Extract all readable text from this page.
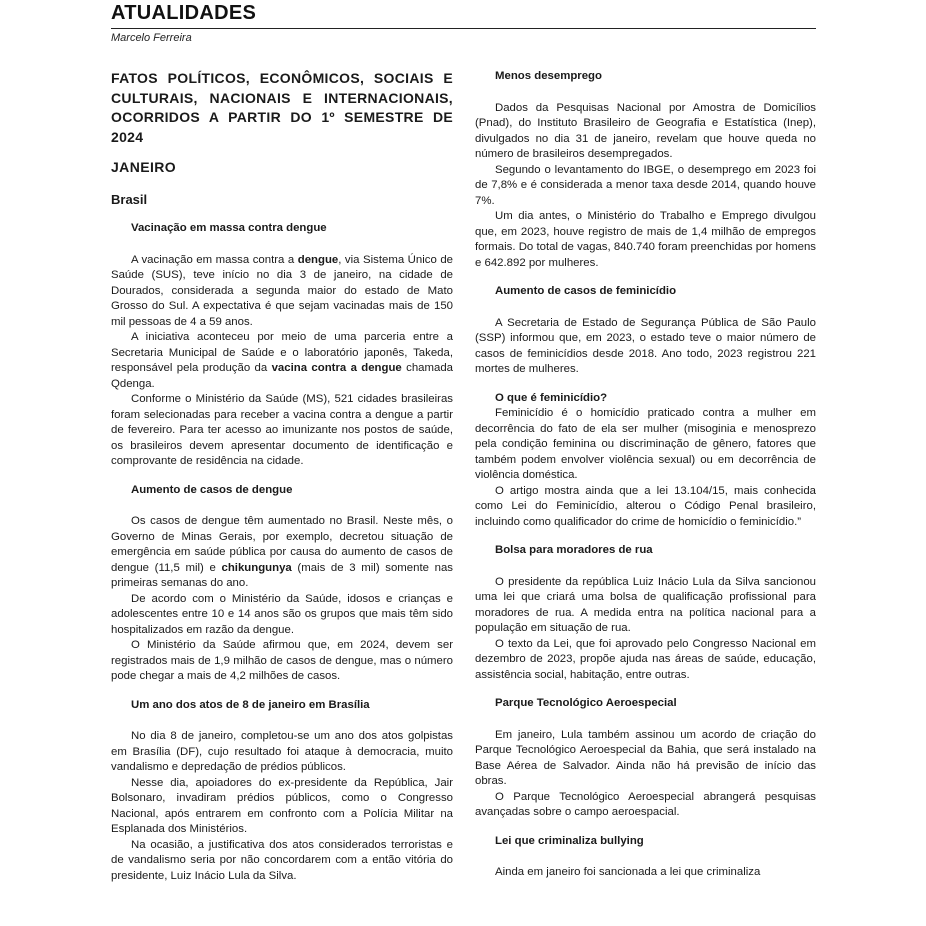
ATUALIDADES
Marcelo Ferreira
FATOS POLÍTICOS, ECONÔMICOS, SOCIAIS E CULTURAIS, NACIONAIS E INTERNACIONAIS, OCORRIDOS A PARTIR DO 1º SEMESTRE DE 2024
JANEIRO
Brasil
Vacinação em massa contra dengue

A vacinação em massa contra a dengue, via Sistema Único de Saúde (SUS), teve início no dia 3 de janeiro, na cidade de Dourados, considerada a segunda maior do estado de Mato Grosso do Sul. A expectativa é que sejam vacinadas mais de 150 mil pessoas de 4 a 59 anos.

A iniciativa aconteceu por meio de uma parceria entre a Secretaria Municipal de Saúde e o laboratório japonês, Takeda, responsável pela produção da vacina contra a dengue chamada Qdenga.

Conforme o Ministério da Saúde (MS), 521 cidades brasileiras foram selecionadas para receber a vacina contra a dengue a partir de fevereiro. Para ter acesso ao imunizante nos postos de saúde, os brasileiros devem apresentar documento de identificação e comprovante de residência na cidade.

Aumento de casos de dengue

Os casos de dengue têm aumentado no Brasil. Neste mês, o Governo de Minas Gerais, por exemplo, decretou situação de emergência em saúde pública por causa do aumento de casos de dengue (11,5 mil) e chikungunya (mais de 3 mil) somente nas primeiras semanas do ano.

De acordo com o Ministério da Saúde, idosos e crianças e adolescentes entre 10 e 14 anos são os grupos que mais têm sido hospitalizados em razão da dengue.

O Ministério da Saúde afirmou que, em 2024, devem ser registrados mais de 1,9 milhão de casos de dengue, mas o número pode chegar a mais de 4,2 milhões de casos.

Um ano dos atos de 8 de janeiro em Brasília

No dia 8 de janeiro, completou-se um ano dos atos golpistas em Brasília (DF), cujo resultado foi ataque à democracia, muito vandalismo e depredação de prédios públicos.

Nesse dia, apoiadores do ex-presidente da República, Jair Bolsonaro, invadiram prédios públicos, como o Congresso Nacional, após entrarem em confronto com a Polícia Militar na Esplanada dos Ministérios.

Na ocasião, a justificativa dos atos considerados terroristas e de vandalismo seria por não concordarem com a então vitória do presidente, Luiz Inácio Lula da Silva.

Menos desemprego

Dados da Pesquisas Nacional por Amostra de Domicílios (Pnad), do Instituto Brasileiro de Geografia e Estatística (Inep), divulgados no dia 31 de janeiro, revelam que houve queda no número de brasileiros desempregados.

Segundo o levantamento do IBGE, o desemprego em 2023 foi de 7,8% e é considerada a menor taxa desde 2014, quando houve 7%.

Um dia antes, o Ministério do Trabalho e Emprego divulgou que, em 2023, houve registro de mais de 1,4 milhão de empregos formais. Do total de vagas, 840.740 foram preenchidas por homens e 642.892 por mulheres.

Aumento de casos de feminicídio

A Secretaria de Estado de Segurança Pública de São Paulo (SSP) informou que, em 2023, o estado teve o maior número de casos de feminicídios desde 2018. Ano todo, 2023 registrou 221 mortes de mulheres.

O que é feminicídio?

Feminicídio é o homicídio praticado contra a mulher em decorrência do fato de ela ser mulher (misoginia e menosprezo pela condição feminina ou discriminação de gênero, fatores que também podem envolver violência sexual) ou em decorrência de violência doméstica.

O artigo mostra ainda que a lei 13.104/15, mais conhecida como Lei do Feminicídio, alterou o Código Penal brasileiro, incluindo como qualificador do crime de homicídio o feminicídio.”

Bolsa para moradores de rua

O presidente da república Luiz Inácio Lula da Silva sancionou uma lei que criará uma bolsa de qualificação profissional para moradores de rua. A medida entra na política nacional para a população em situação de rua.

O texto da Lei, que foi aprovado pelo Congresso Nacional em dezembro de 2023, propõe ajuda nas áreas de saúde, educação, assistência social, habitação, entre outras.

Parque Tecnológico Aeroespecial

Em janeiro, Lula também assinou um acordo de criação do Parque Tecnológico Aeroespecial da Bahia, que será instalado na Base Aérea de Salvador. Ainda não há previsão de início das obras.

O Parque Tecnológico Aeroespecial abrangerá pesquisas avançadas sobre o campo aeroespacial.

Lei que criminaliza bullying

Ainda em janeiro foi sancionada a lei que criminaliza
